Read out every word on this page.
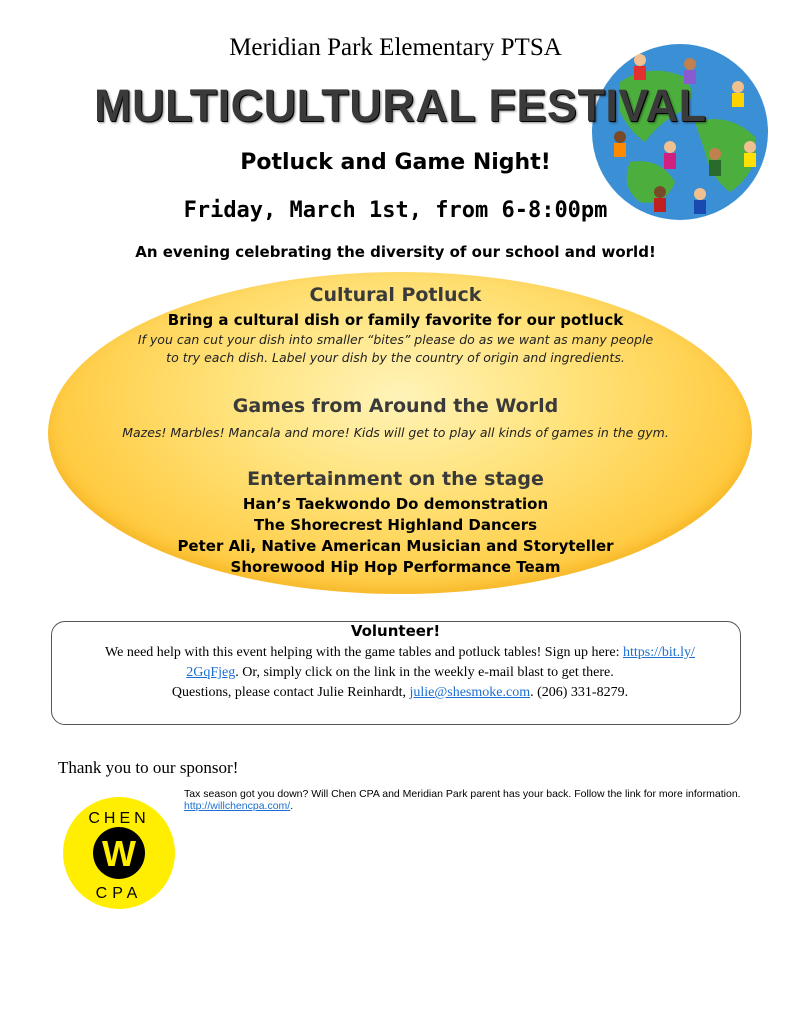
Meridian Park Elementary PTSA
MULTICULTURAL FESTIVAL
Potluck and Game Night!
Friday, March 1st, from 6-8:00pm
An evening celebrating the diversity of our school and world!
Cultural Potluck
Bring a cultural dish or family favorite for our potluck
If you can cut your dish into smaller “bites” please do as we want as many people
to try each dish. Label your dish by the country of origin and ingredients.
Games from Around the World
Mazes! Marbles! Mancala and more! Kids will get to play all kinds of games in the gym.
Entertainment on the stage
Han’s Taekwondo Do demonstration
The Shorecrest Highland Dancers
Peter Ali, Native American Musician and Storyteller
Shorewood Hip Hop Performance Team
Volunteer!
We need help with this event helping with the game tables and potluck tables! Sign up here: https://bit.ly/
2GqFjeg. Or, simply click on the link in the weekly e-mail blast to get there.
Questions, please contact Julie Reinhardt, julie@shesmoke.com. (206) 331-8279.
Thank you to our sponsor!
Tax season got you down? Will Chen CPA and Meridian Park parent has your back. Follow the link for more information. http://willchencpa.com/.
W
CHEN
CPA
